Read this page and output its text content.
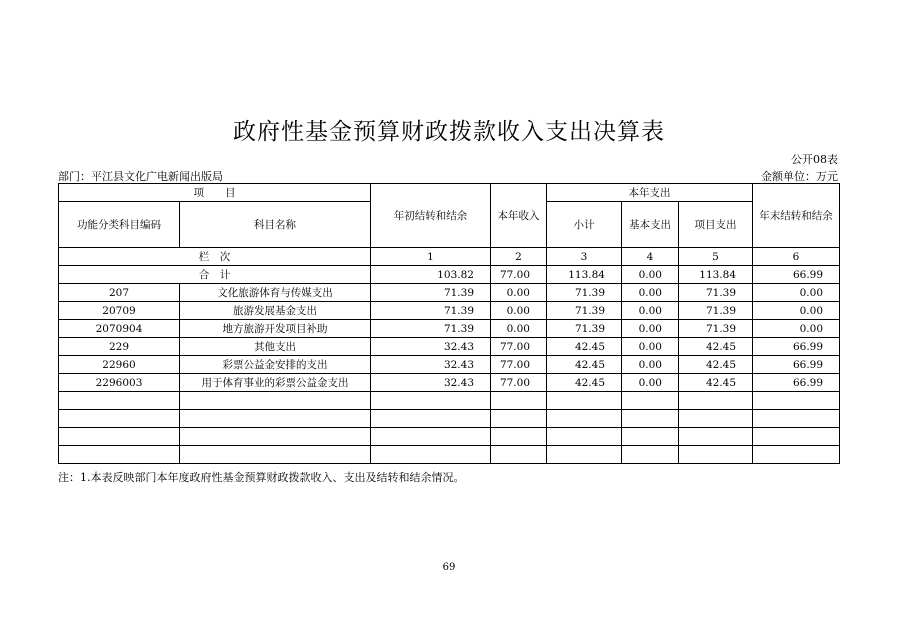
政府性基金预算财政拨款收入支出决算表
公开08表
部门：平江县文化广电新闻出版局	金额单位：万元
项　　目		年初结转和结余	本年收入	本年支出			年末结转和结余
功能分类科目编码	科目名称			小计	基本支出	项目支出	
栏　次		1	2	3	4	5	6
合　计		103.82	77.00	113.84	0.00	113.84	66.99
207	文化旅游体育与传媒支出	71.39	0.00	71.39	0.00	71.39	0.00
20709	旅游发展基金支出	71.39	0.00	71.39	0.00	71.39	0.00
2070904	地方旅游开发项目补助	71.39	0.00	71.39	0.00	71.39	0.00
229	其他支出	32.43	77.00	42.45	0.00	42.45	66.99
22960	彩票公益金安排的支出	32.43	77.00	42.45	0.00	42.45	66.99
2296003	用于体育事业的彩票公益金支出	32.43	77.00	42.45	0.00	42.45	66.99

注：1.本表反映部门本年度政府性基金预算财政拨款收入、支出及结转和结余情况。
69
